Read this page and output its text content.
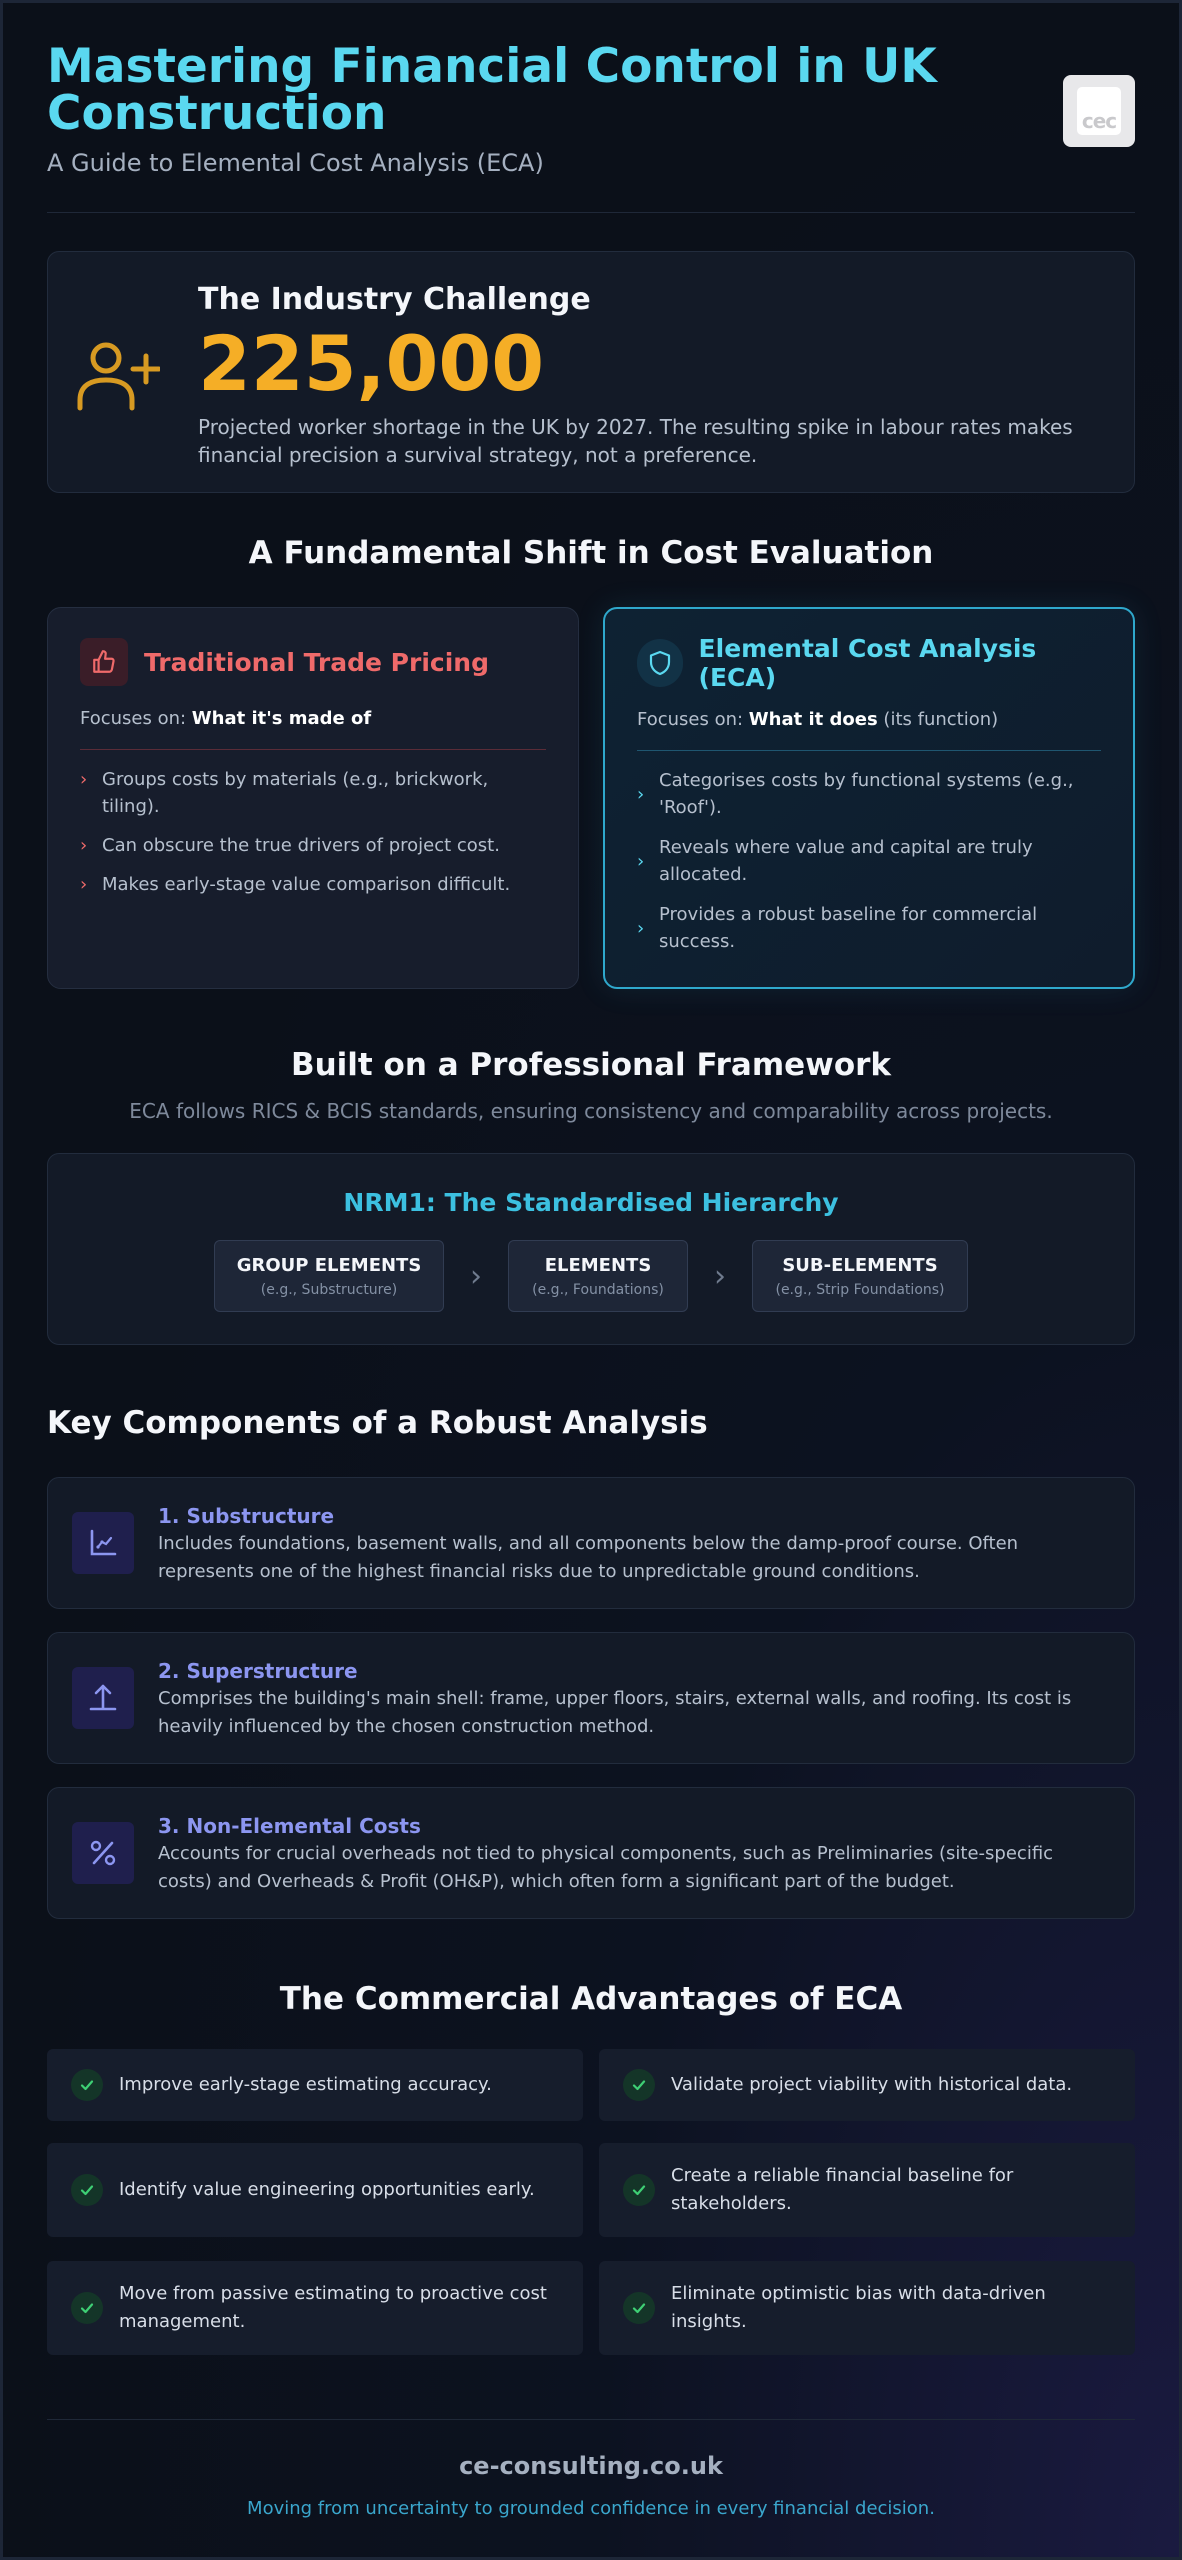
Mastering Financial Control in UK Construction
A Guide to Elemental Cost Analysis (ECA)
cec
The Industry Challenge
225,000
Projected worker shortage in the UK by 2027. The resulting spike in labour rates makes financial precision a survival strategy, not a preference.
A Fundamental Shift in Cost Evaluation
Traditional Trade Pricing
Focuses on: What it's made of
› Groups costs by materials (e.g., brickwork, tiling).
› Can obscure the true drivers of project cost.
› Makes early-stage value comparison difficult.
Elemental Cost Analysis (ECA)
Focuses on: What it does (its function)
›
Categorises costs by functional systems (e.g., 'Roof').
›
Reveals where value and capital are truly allocated.
›
Provides a robust baseline for commercial success.
Built on a Professional Framework
ECA follows RICS & BCIS standards, ensuring consistency and comparability across projects.
NRM1: The Standardised Hierarchy
GROUP ELEMENTS
(e.g., Substructure)	›	ELEMENTS
(e.g., Foundations)	›	SUB-ELEMENTS
(e.g., Strip Foundations)
Key Components of a Robust Analysis
1. Substructure
Includes foundations, basement walls, and all components below the damp-proof course. Often represents one of the highest financial risks due to unpredictable ground conditions.
2. Superstructure
Comprises the building's main shell: frame, upper floors, stairs, external walls, and roofing. Its cost is heavily influenced by the chosen construction method.
3. Non-Elemental Costs
Accounts for crucial overheads not tied to physical components, such as Preliminaries (site-specific costs) and Overheads & Profit (OH&P), which often form a significant part of the budget.
The Commercial Advantages of ECA
Improve early-stage estimating accuracy.	Validate project viability with historical data.
Identify value engineering opportunities early.
Create a reliable financial baseline for stakeholders.
Move from passive estimating to proactive cost management.
Eliminate optimistic bias with data-driven insights.
ce-consulting.co.uk
Moving from uncertainty to grounded confidence in every financial decision.
